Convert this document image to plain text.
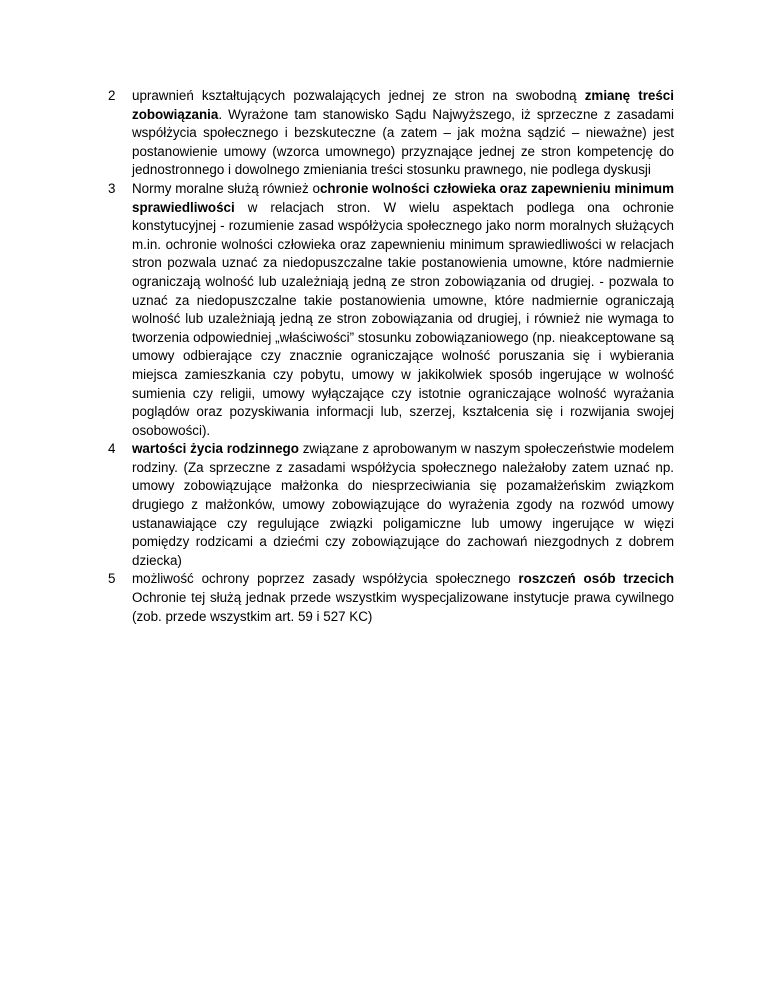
2	uprawnień kształtujących pozwalających jednej ze stron na swobodną zmianę treści zobowiązania. Wyrażone tam stanowisko Sądu Najwyższego, iż sprzeczne z zasadami współżycia społecznego i bezskuteczne (a zatem – jak można sądzić – nieważne) jest postanowienie umowy (wzorca umownego) przyznające jednej ze stron kompetencję do jednostronnego i dowolnego zmieniania treści stosunku prawnego, nie podlega dyskusji
3	Normy moralne służą również ochronie wolności człowieka oraz zapewnieniu minimum sprawiedliwości w relacjach stron. W wielu aspektach podlega ona ochronie konstytucyjnej - rozumienie zasad współżycia społecznego jako norm moralnych służących m.in. ochronie wolności człowieka oraz zapewnieniu minimum sprawiedliwości w relacjach stron pozwala uznać za niedopuszczalne takie postanowienia umowne, które nadmiernie ograniczają wolność lub uzależniają jedną ze stron zobowiązania od drugiej. - pozwala to uznać za niedopuszczalne takie postanowienia umowne, które nadmiernie ograniczają wolność lub uzależniają jedną ze stron zobowiązania od drugiej, i również nie wymaga to tworzenia odpowiedniej „właściwości” stosunku zobowiązaniowego (np. nieakceptowane są umowy odbierające czy znacznie ograniczające wolność poruszania się i wybierania miejsca zamieszkania czy pobytu, umowy w jakikolwiek sposób ingerujące w wolność sumienia czy religii, umowy wyłączające czy istotnie ograniczające wolność wyrażania poglądów oraz pozyskiwania informacji lub, szerzej, kształcenia się i rozwijania swojej osobowości).
4	wartości życia rodzinnego związane z aprobowanym w naszym społeczeństwie modelem rodziny. (Za sprzeczne z zasadami współżycia społecznego należałoby zatem uznać np. umowy zobowiązujące małżonka do niesprzeciwiania się pozamałżeńskim związkom drugiego z małżonków, umowy zobowiązujące do wyrażenia zgody na rozwód umowy ustanawiające czy regulujące związki poligamiczne lub umowy ingerujące w więzi pomiędzy rodzicami a dziećmi czy zobowiązujące do zachowań niezgodnych z dobrem dziecka)
5	możliwość ochrony poprzez zasady współżycia społecznego roszczeń osób trzecich Ochronie tej służą jednak przede wszystkim wyspecjalizowane instytucje prawa cywilnego (zob. przede wszystkim art. 59 i 527 KC)
